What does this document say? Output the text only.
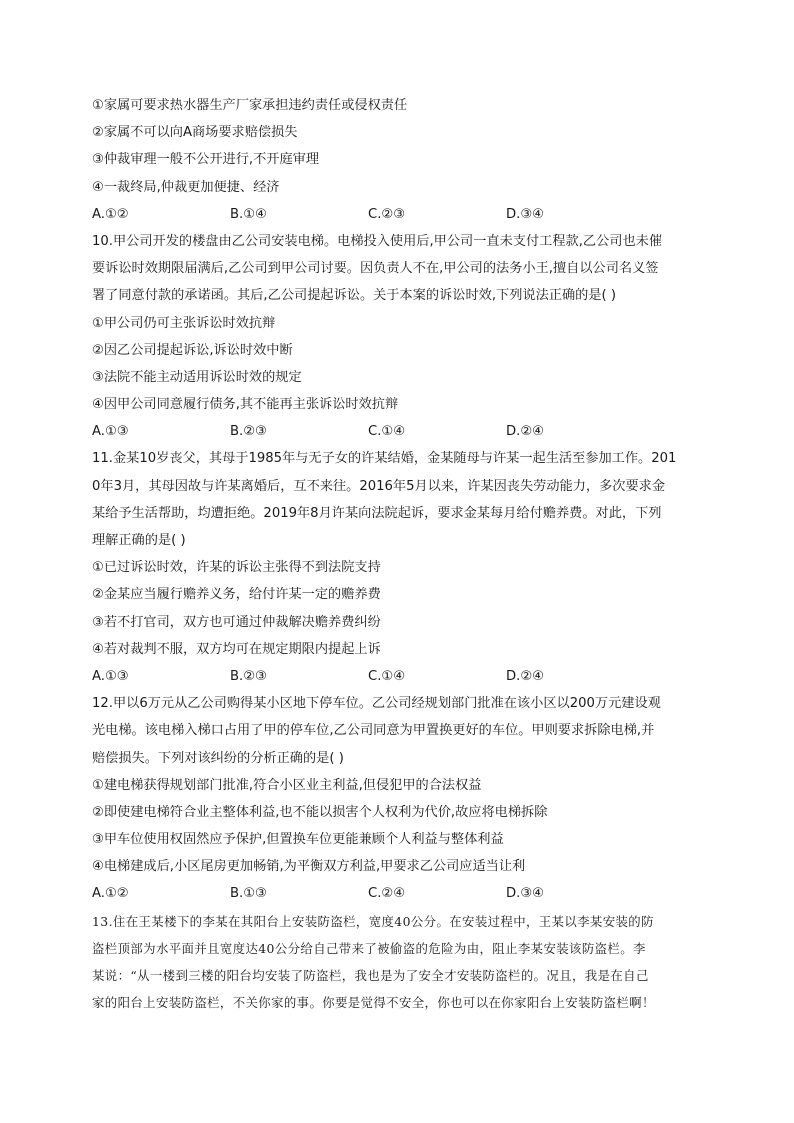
①家属可要求热水器生产厂家承担违约责任或侵权责任
②家属不可以向A商场要求赔偿损失
③仲裁审理一般不公开进行,不开庭审理
④一裁终局,仲裁更加便捷、经济
A.①②	B.①④	C.②③	D.③④
10.甲公司开发的楼盘由乙公司安装电梯。电梯投入使用后,甲公司一直未支付工程款,乙公司也未催
要诉讼时效期限届满后,乙公司到甲公司讨要。因负责人不在,甲公司的法务小王,擅自以公司名义签
署了同意付款的承诺函。其后,乙公司提起诉讼。关于本案的诉讼时效,下列说法正确的是( )
①甲公司仍可主张诉讼时效抗辩
②因乙公司提起诉讼,诉讼时效中断
③法院不能主动适用诉讼时效的规定
④因甲公司同意履行债务,其不能再主张诉讼时效抗辩
A.①③	B.②③	C.①④	D.②④
11.金某10岁丧父，其母于1985年与无子女的许某结婚，金某随母与许某一起生活至参加工作。201
0年3月，其母因故与许某离婚后，互不来往。2016年5月以来，许某因丧失劳动能力，多次要求金
某给予生活帮助，均遭拒绝。2019年8月许某向法院起诉，要求金某每月给付赡养费。对此，下列
理解正确的是( )
①已过诉讼时效，许某的诉讼主张得不到法院支持
②金某应当履行赡养义务，给付许某一定的赡养费
③若不打官司，双方也可通过仲裁解决赡养费纠纷
④若对裁判不服，双方均可在规定期限内提起上诉
A.①③	B.②③	C.①④	D.②④
12.甲以6万元从乙公司购得某小区地下停车位。乙公司经规划部门批准在该小区以200万元建设观
光电梯。该电梯入梯口占用了甲的停车位,乙公司同意为甲置换更好的车位。甲则要求拆除电梯,并
赔偿损失。下列对该纠纷的分析正确的是( )
①建电梯获得规划部门批准,符合小区业主利益,但侵犯甲的合法权益
②即使建电梯符合业主整体利益,也不能以损害个人权利为代价,故应将电梯拆除
③甲车位使用权固然应予保护,但置换车位更能兼顾个人利益与整体利益
④电梯建成后,小区尾房更加畅销,为平衡双方利益,甲要求乙公司应适当让利
A.①②	B.①③	C.②④	D.③④
13.住在王某楼下的李某在其阳台上安装防盗栏，宽度40公分。在安装过程中，王某以李某安装的防
盗栏顶部为水平面并且宽度达40公分给自己带来了被偷盗的危险为由，阻止李某安装该防盗栏。李
某说：“从一楼到三楼的阳台均安装了防盗栏，我也是为了安全才安装防盗栏的。况且，我是在自己
家的阳台上安装防盗栏，不关你家的事。你要是觉得不安全，你也可以在你家阳台上安装防盗栏啊！
